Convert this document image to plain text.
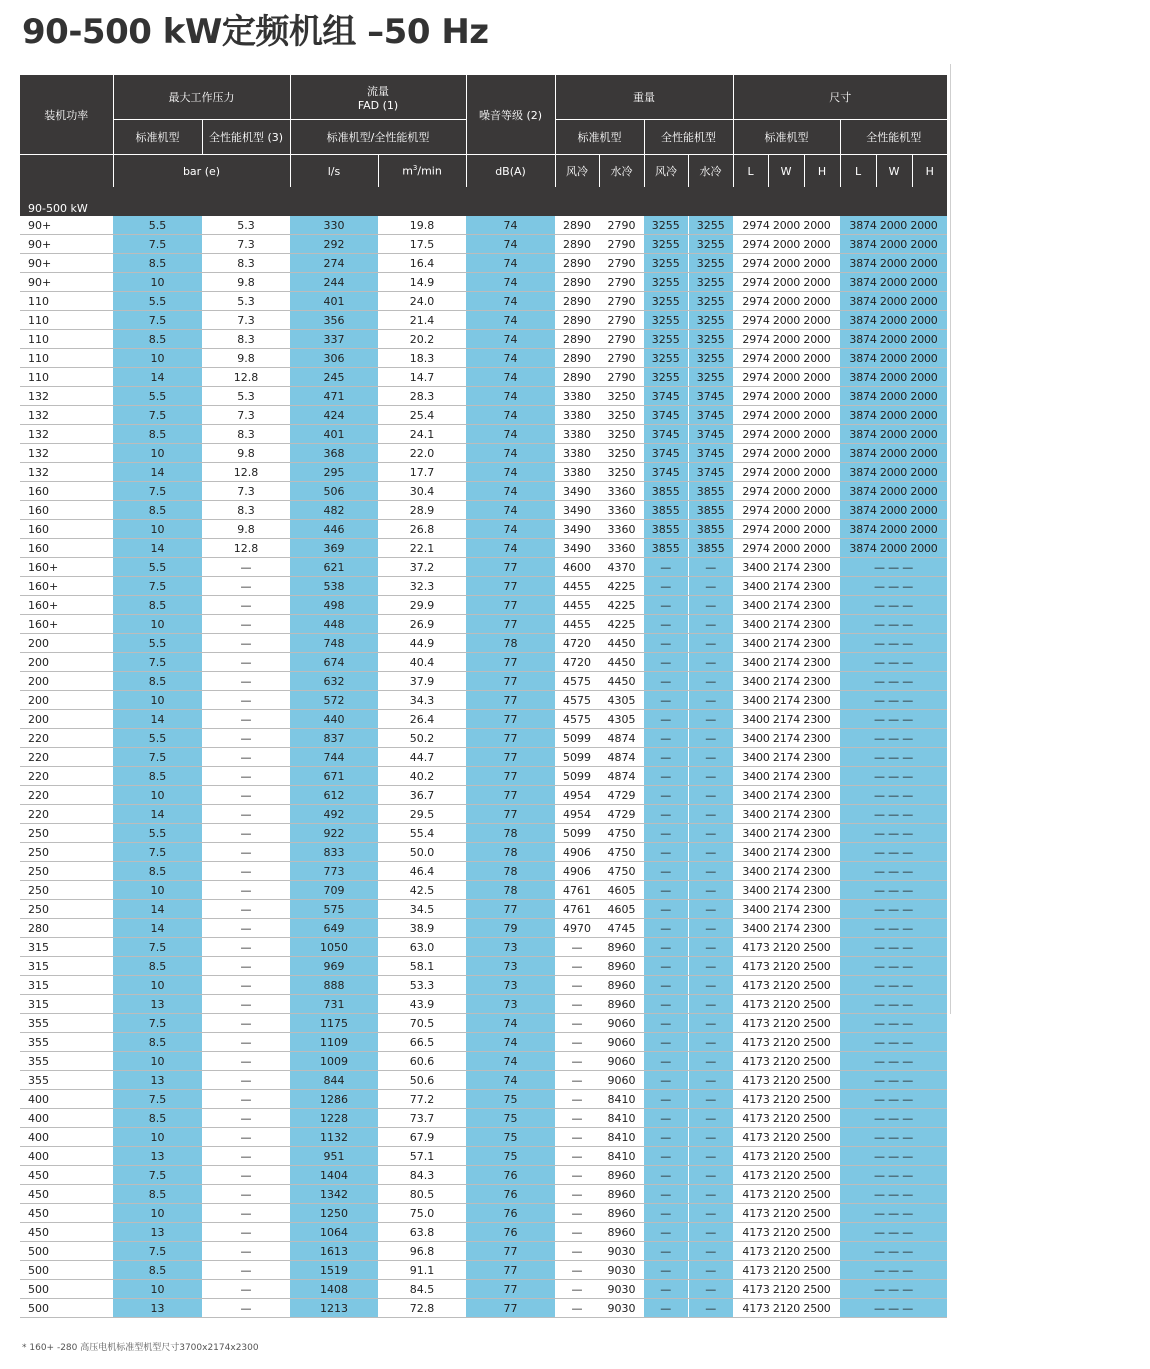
90-500 kW定频机组 –50 Hz
装机功率	最大工作压力		流量
FAD (1)		噪音等级 (2)	重量				尺寸					
	标准机型	全性能机型 (3)	标准机型/全性能机型			标准机型		全性能机型		标准机型			全性能机型		
	bar (e)		l/s	$m^3/\min$	dB(A)	风冷	水冷	风冷	水冷	L	W	H	L	W	H
90-500 kW															
90+	5.5	5.3	330	19.8	74	2890	2790	3255	3255	2974 2000 2000			3874 2000 2000		
90+	7.5	7.3	292	17.5	74	2890	2790	3255	3255	2974 2000 2000			3874 2000 2000		
90+	8.5	8.3	274	16.4	74	2890	2790	3255	3255	2974 2000 2000			3874 2000 2000		
90+	10	9.8	244	14.9	74	2890	2790	3255	3255	2974 2000 2000			3874 2000 2000		
110	5.5	5.3	401	24.0	74	2890	2790	3255	3255	2974 2000 2000			3874 2000 2000		
110	7.5	7.3	356	21.4	74	2890	2790	3255	3255	2974 2000 2000			3874 2000 2000		
110	8.5	8.3	337	20.2	74	2890	2790	3255	3255	2974 2000 2000			3874 2000 2000		
110	10	9.8	306	18.3	74	2890	2790	3255	3255	2974 2000 2000			3874 2000 2000		
110	14	12.8	245	14.7	74	2890	2790	3255	3255	2974 2000 2000			3874 2000 2000		
132	5.5	5.3	471	28.3	74	3380	3250	3745	3745	2974 2000 2000			3874 2000 2000		
132	7.5	7.3	424	25.4	74	3380	3250	3745	3745	2974 2000 2000			3874 2000 2000		
132	8.5	8.3	401	24.1	74	3380	3250	3745	3745	2974 2000 2000			3874 2000 2000		
132	10	9.8	368	22.0	74	3380	3250	3745	3745	2974 2000 2000			3874 2000 2000		
132	14	12.8	295	17.7	74	3380	3250	3745	3745	2974 2000 2000			3874 2000 2000		
160	7.5	7.3	506	30.4	74	3490	3360	3855	3855	2974 2000 2000			3874 2000 2000		
160	8.5	8.3	482	28.9	74	3490	3360	3855	3855	2974 2000 2000			3874 2000 2000		
160	10	9.8	446	26.8	74	3490	3360	3855	3855	2974 2000 2000			3874 2000 2000		
160	14	12.8	369	22.1	74	3490	3360	3855	3855	2974 2000 2000			3874 2000 2000		
160+	5.5	—	621	37.2	77	4600	4370	—	—	3400 2174 2300			— — —		
160+	7.5	—	538	32.3	77	4455	4225	—	—	3400 2174 2300			— — —		
160+	8.5	—	498	29.9	77	4455	4225	—	—	3400 2174 2300			— — —		
160+	10	—	448	26.9	77	4455	4225	—	—	3400 2174 2300			— — —		
200	5.5	—	748	44.9	78	4720	4450	—	—	3400 2174 2300			— — —		
200	7.5	—	674	40.4	77	4720	4450	—	—	3400 2174 2300			— — —		
200	8.5	—	632	37.9	77	4575	4450	—	—	3400 2174 2300			— — —		
200	10	—	572	34.3	77	4575	4305	—	—	3400 2174 2300			— — —		
200	14	—	440	26.4	77	4575	4305	—	—	3400 2174 2300			— — —		
220	5.5	—	837	50.2	77	5099	4874	—	—	3400 2174 2300			— — —		
220	7.5	—	744	44.7	77	5099	4874	—	—	3400 2174 2300			— — —		
220	8.5	—	671	40.2	77	5099	4874	—	—	3400 2174 2300			— — —		
220	10	—	612	36.7	77	4954	4729	—	—	3400 2174 2300			— — —		
220	14	—	492	29.5	77	4954	4729	—	—	3400 2174 2300			— — —		
250	5.5	—	922	55.4	78	5099	4750	—	—	3400 2174 2300			— — —		
250	7.5	—	833	50.0	78	4906	4750	—	—	3400 2174 2300			— — —		
250	8.5	—	773	46.4	78	4906	4750	—	—	3400 2174 2300			— — —		
250	10	—	709	42.5	78	4761	4605	—	—	3400 2174 2300			— — —		
250	14	—	575	34.5	77	4761	4605	—	—	3400 2174 2300			— — —		
280	14	—	649	38.9	79	4970	4745	—	—	3400 2174 2300			— — —		
315	7.5	—	1050	63.0	73	—	8960	—	—	4173 2120 2500			— — —		
315	8.5	—	969	58.1	73	—	8960	—	—	4173 2120 2500			— — —		
315	10	—	888	53.3	73	—	8960	—	—	4173 2120 2500			— — —		
315	13	—	731	43.9	73	—	8960	—	—	4173 2120 2500			— — —		
355	7.5	—	1175	70.5	74	—	9060	—	—	4173 2120 2500			— — —		
355	8.5	—	1109	66.5	74	—	9060	—	—	4173 2120 2500			— — —		
355	10	—	1009	60.6	74	—	9060	—	—	4173 2120 2500			— — —		
355	13	—	844	50.6	74	—	9060	—	—	4173 2120 2500			— — —		
400	7.5	—	1286	77.2	75	—	8410	—	—	4173 2120 2500			— — —		
400	8.5	—	1228	73.7	75	—	8410	—	—	4173 2120 2500			— — —		
400	10	—	1132	67.9	75	—	8410	—	—	4173 2120 2500			— — —		
400	13	—	951	57.1	75	—	8410	—	—	4173 2120 2500			— — —		
450	7.5	—	1404	84.3	76	—	8960	—	—	4173 2120 2500			— — —		
450	8.5	—	1342	80.5	76	—	8960	—	—	4173 2120 2500			— — —		
450	10	—	1250	75.0	76	—	8960	—	—	4173 2120 2500			— — —		
450	13	—	1064	63.8	76	—	8960	—	—	4173 2120 2500			— — —		
500	7.5	—	1613	96.8	77	—	9030	—	—	4173 2120 2500			— — —		
500	8.5	—	1519	91.1	77	—	9030	—	—	4173 2120 2500			— — —		
500	10	—	1408	84.5	77	—	9030	—	—	4173 2120 2500			— — —		
500	13	—	1213	72.8	77	—	9030	—	—	4173 2120 2500			— — —		
* 160+ -280 高压电机标准型机型尺寸3700x2174x2300
